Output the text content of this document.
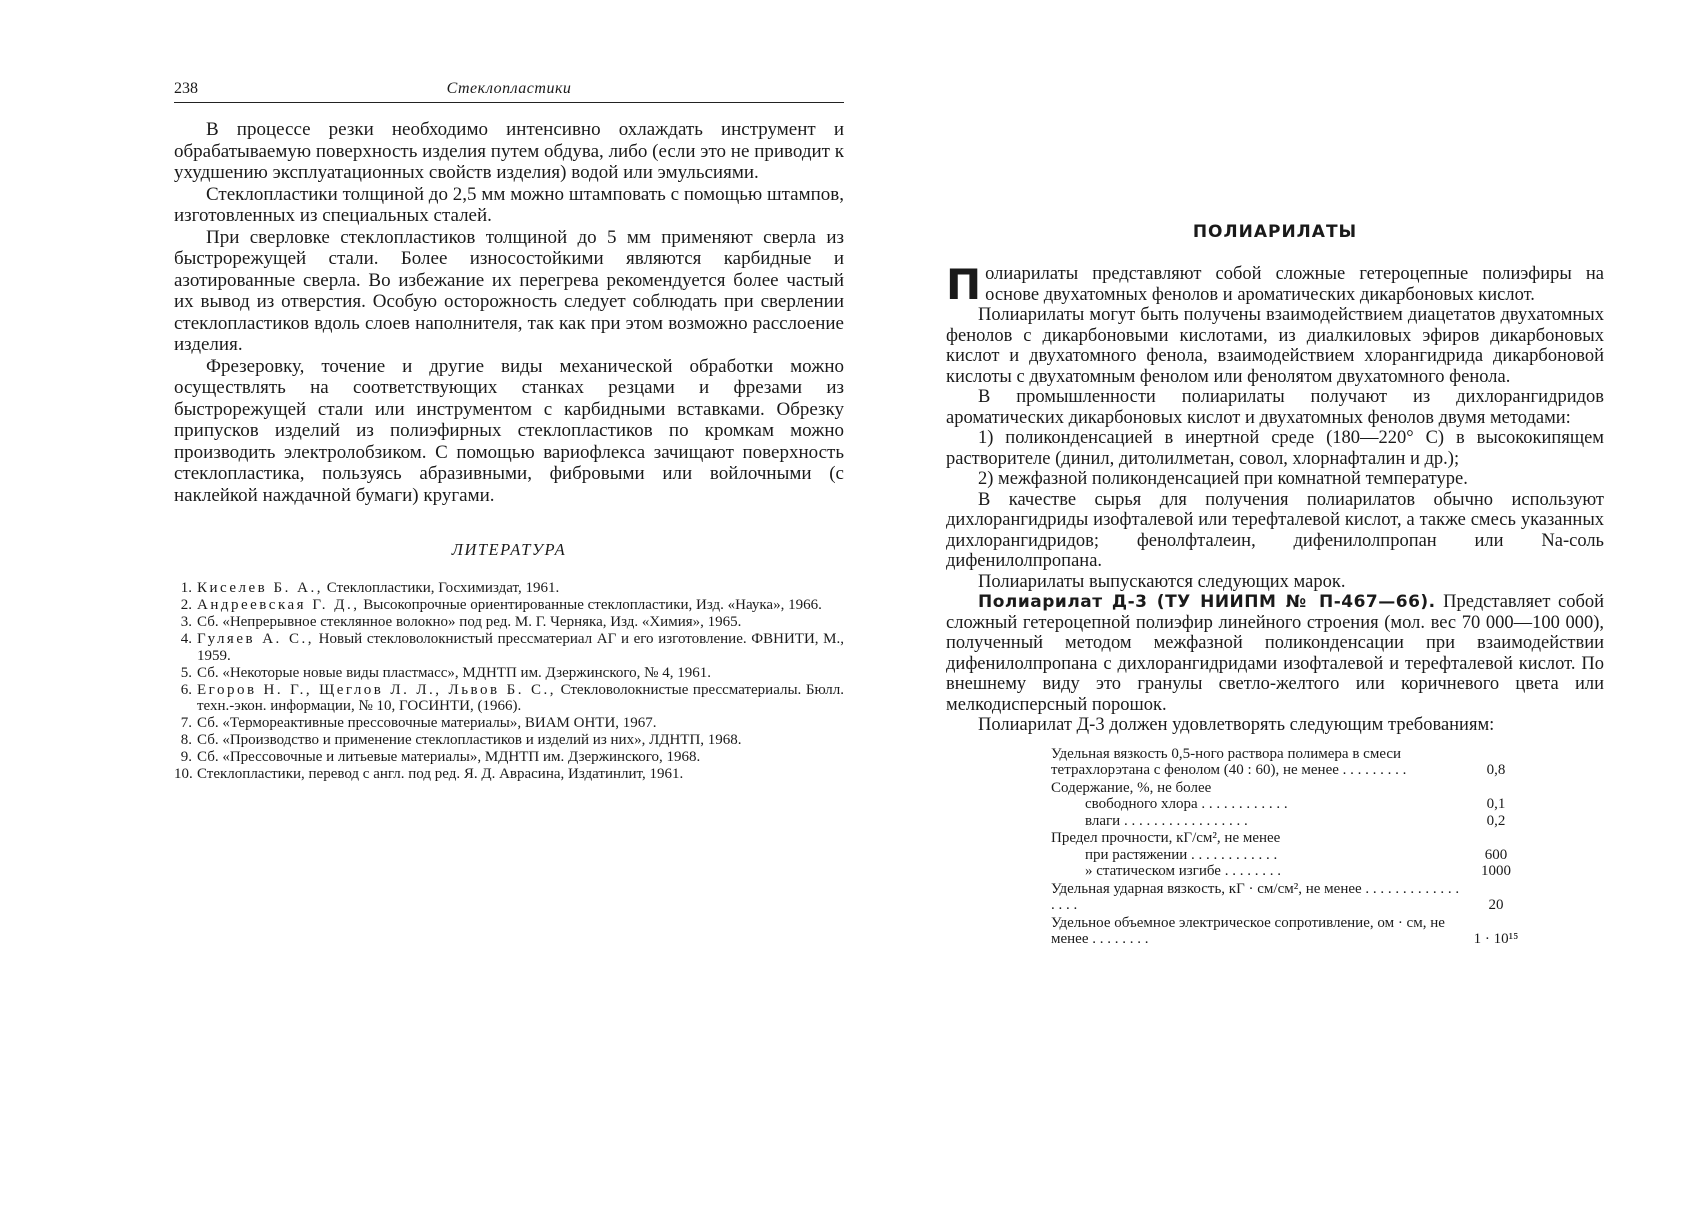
238	Стеклопластики

В процессе резки необходимо интенсивно охлаждать инструмент и обрабатываемую поверхность изделия путем обдува, либо (если это не приводит к ухудшению эксплуатационных свойств изделия) водой или эмульсиями.

Стеклопластики толщиной до 2,5 мм можно штамповать с помощью штампов, изготовленных из специальных сталей.

При сверловке стеклопластиков толщиной до 5 мм применяют сверла из быстрорежущей стали. Более износостойкими являются карбидные и азотированные сверла. Во избежание их перегрева рекомендуется более частый их вывод из отверстия. Особую осторожность следует соблюдать при сверлении стеклопластиков вдоль слоев наполнителя, так как при этом возможно расслоение изделия.

Фрезеровку, точение и другие виды механической обработки можно осуществлять на соответствующих станках резцами и фрезами из быстрорежущей стали или инструментом с карбидными вставками. Обрезку припусков изделий из полиэфирных стеклопластиков по кромкам можно производить электролобзиком. С помощью вариофлекса зачищают поверхность стеклопластика, пользуясь абразивными, фибровыми или войлочными (с наклейкой наждачной бумаги) кругами.

ЛИТЕРАТУРА
1. Киселев Б. А., Стеклопластики, Госхимиздат, 1961.
2. Андреевская Г. Д., Высокопрочные ориентированные стеклопластики, Изд. «Наука», 1966.
3. Сб. «Непрерывное стеклянное волокно» под ред. М. Г. Черняка, Изд. «Химия», 1965.
4. Гуляев А. С., Новый стекловолокнистый прессматериал АГ и его изготовление. ФВНИТИ, М., 1959.
5. Сб. «Некоторые новые виды пластмасс», МДНТП им. Дзержинского, № 4, 1961.
6. Егоров Н. Г., Щеглов Л. Л., Львов Б. С., Стекловолокнистые прессматериалы. Бюлл. техн.-экон. информации, № 10, ГОСИНТИ, (1966).
7. Сб. «Термореактивные прессовочные материалы», ВИАМ ОНТИ, 1967.
8. Сб. «Производство и применение стеклопластиков и изделий из них», ЛДНТП, 1968.
9. Сб. «Прессовочные и литьевые материалы», МДНТП им. Дзержинского, 1968.
10. Стеклопластики, перевод с англ. под ред. Я. Д. Аврасина, Издатинлит, 1961.
ПОЛИАРИЛАТЫ

Полиарилаты представляют собой сложные гетероцепные полиэфиры на основе двухатомных фенолов и ароматических дикарбоновых кислот.

Полиарилаты могут быть получены взаимодействием диацетатов двухатомных фенолов с дикарбоновыми кислотами, из диалкиловых эфиров дикарбоновых кислот и двухатомного фенола, взаимодействием хлорангидрида дикарбоновой кислоты с двухатомным фенолом или фенолятом двухатомного фенола.

В промышленности полиарилаты получают из дихлорангидридов ароматических дикарбоновых кислот и двухатомных фенолов двумя методами:

1) поликонденсацией в инертной среде (180—220° С) в высококипящем растворителе (динил, дитолилметан, совол, хлорнафталин и др.);

2) межфазной поликонденсацией при комнатной температуре.

В качестве сырья для получения полиарилатов обычно используют дихлорангидриды изофталевой или терефталевой кислот, а также смесь указанных дихлорангидридов; фенолфталеин, дифенилолпропан или Na-соль дифенилолпропана.

Полиарилаты выпускаются следующих марок.

Полиарилат Д-3 (ТУ НИИПМ № П-467—66). Представляет собой сложный гетероцепной полиэфир линейного строения (мол. вес 70 000—100 000), полученный методом межфазной поликонденсации при взаимодействии дифенилолпропана с дихлорангидридами изофталевой и терефталевой кислот. По внешнему виду это гранулы светло-желтого или коричневого цвета или мелкодисперсный порошок.

Полиарилат Д-3 должен удовлетворять следующим требованиям:

Удельная вязкость 0,5-ного раствора полимера в смеси тетрахлорэтана с фенолом (40 : 60), не менее . . . . . . . . .	0,8
Содержание, %, не более
свободного хлора . . . . . . . . . . . .	0,1
влаги . . . . . . . . . . . . . . . . .	0,2
Предел прочности, кГ/см², не менее
при растяжении . . . . . . . . . . . .	600
» статическом изгибе . . . . . . . .	1000
Удельная ударная вязкость, кГ · см/см², не менее . . . . . . . . . . . . . . . . .	20
Удельное объемное электрическое сопротивление, ом · см, не менее . . . . . . . .	1 · 10¹⁵
